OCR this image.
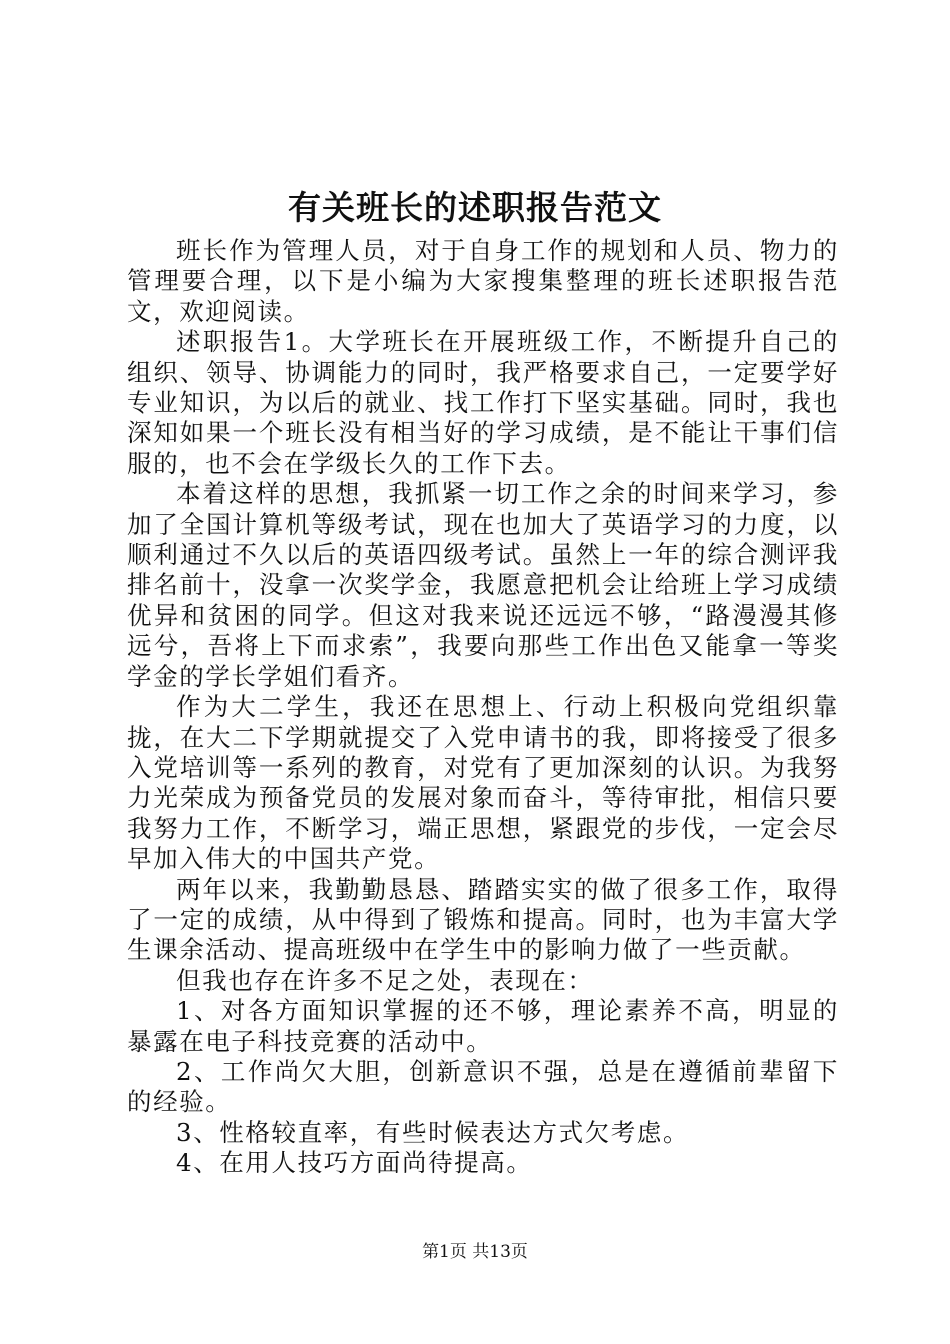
有关班长的述职报告范文

班长作为管理人员，对于自身工作的规划和人员、物力的管理要合理，以下是小编为大家搜集整理的班长述职报告范文，欢迎阅读。

述职报告1。大学班长在开展班级工作，不断提升自己的组织、领导、协调能力的同时，我严格要求自己，一定要学好专业知识，为以后的就业、找工作打下坚实基础。同时，我也深知如果一个班长没有相当好的学习成绩，是不能让干事们信服的，也不会在学级长久的工作下去。

本着这样的思想，我抓紧一切工作之余的时间来学习，参加了全国计算机等级考试，现在也加大了英语学习的力度，以顺利通过不久以后的英语四级考试。虽然上一年的综合测评我排名前十，没拿一次奖学金，我愿意把机会让给班上学习成绩优异和贫困的同学。但这对我来说还远远不够，“路漫漫其修远兮，吾将上下而求索”，我要向那些工作出色又能拿一等奖学金的学长学姐们看齐。

作为大二学生，我还在思想上、行动上积极向党组织靠拢，在大二下学期就提交了入党申请书的我，即将接受了很多入党培训等一系列的教育，对党有了更加深刻的认识。为我努力光荣成为预备党员的发展对象而奋斗，等待审批，相信只要我努力工作，不断学习，端正思想，紧跟党的步伐，一定会尽早加入伟大的中国共产党。

两年以来，我勤勤恳恳、踏踏实实的做了很多工作，取得了一定的成绩，从中得到了锻炼和提高。同时，也为丰富大学生课余活动、提高班级中在学生中的影响力做了一些贡献。

但我也存在许多不足之处，表现在：

1、对各方面知识掌握的还不够，理论素养不高，明显的暴露在电子科技竞赛的活动中。

2、工作尚欠大胆，创新意识不强，总是在遵循前辈留下的经验。

3、性格较直率，有些时候表达方式欠考虑。

4、在用人技巧方面尚待提高。

第1页 共13页
